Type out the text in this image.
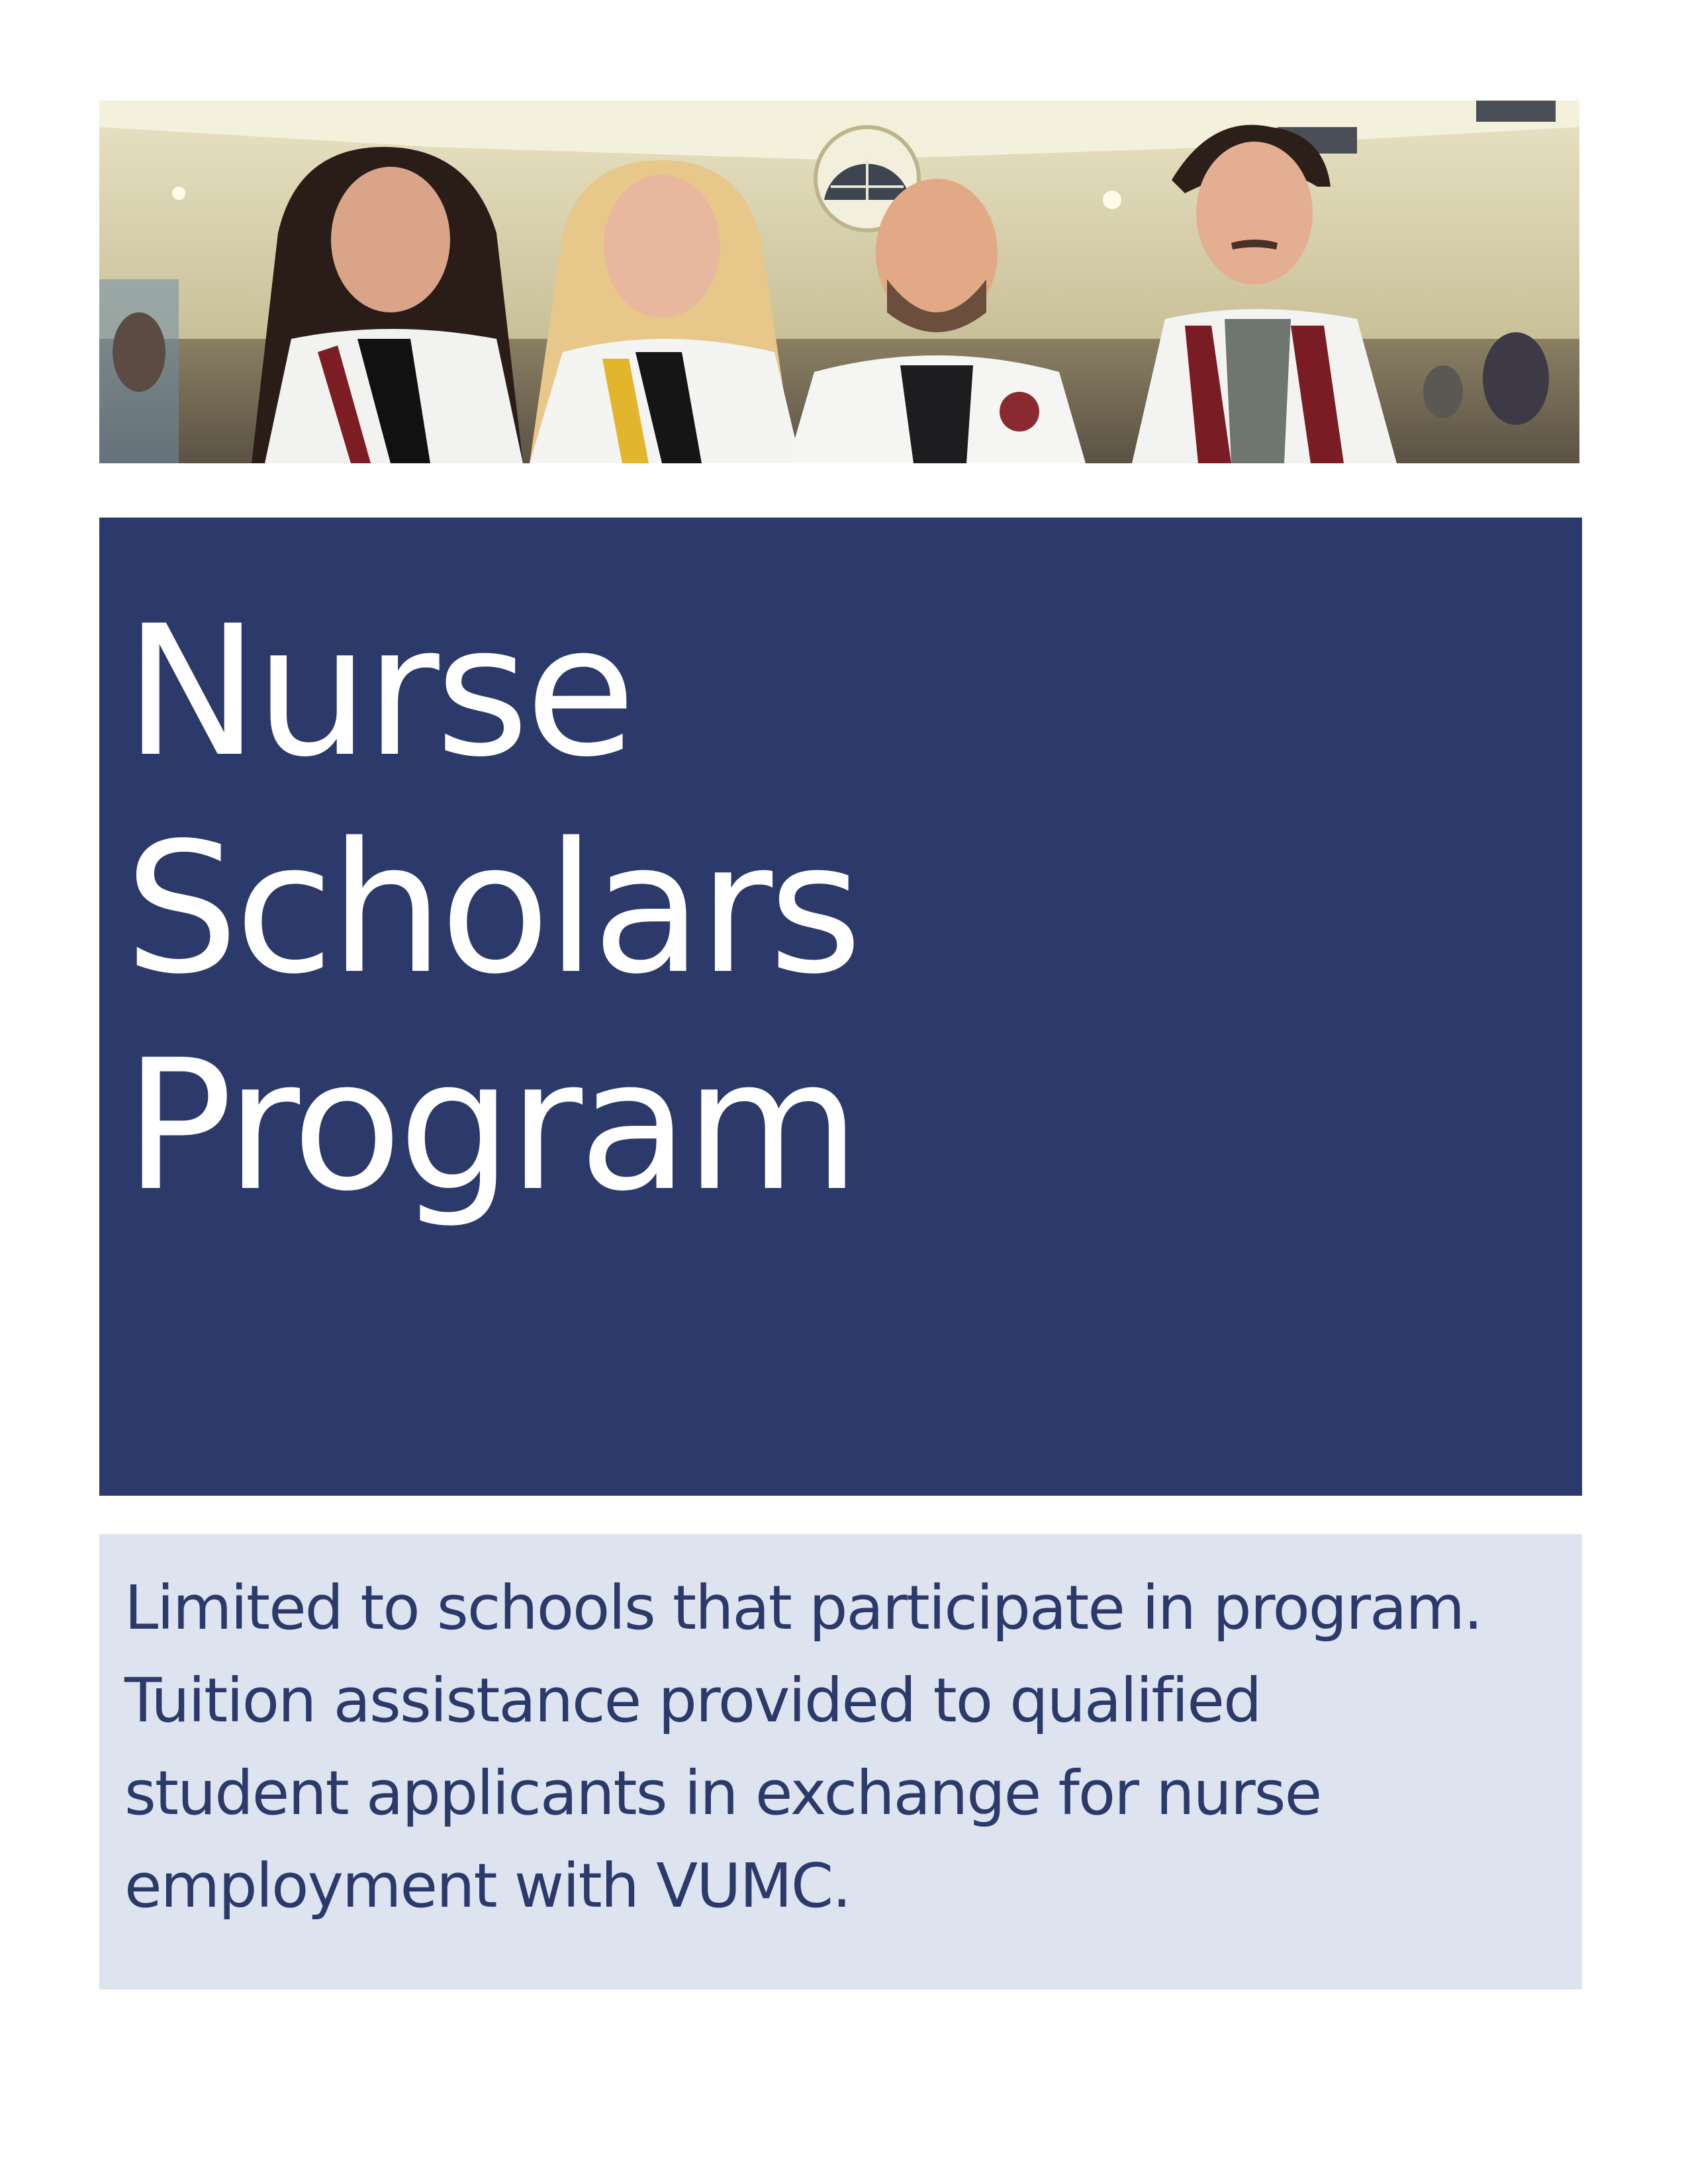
Nurse
Scholars
Program

Limited to schools that participate in program.
Tuition assistance provided to qualified
student applicants in exchange for nurse
employment with VUMC.
